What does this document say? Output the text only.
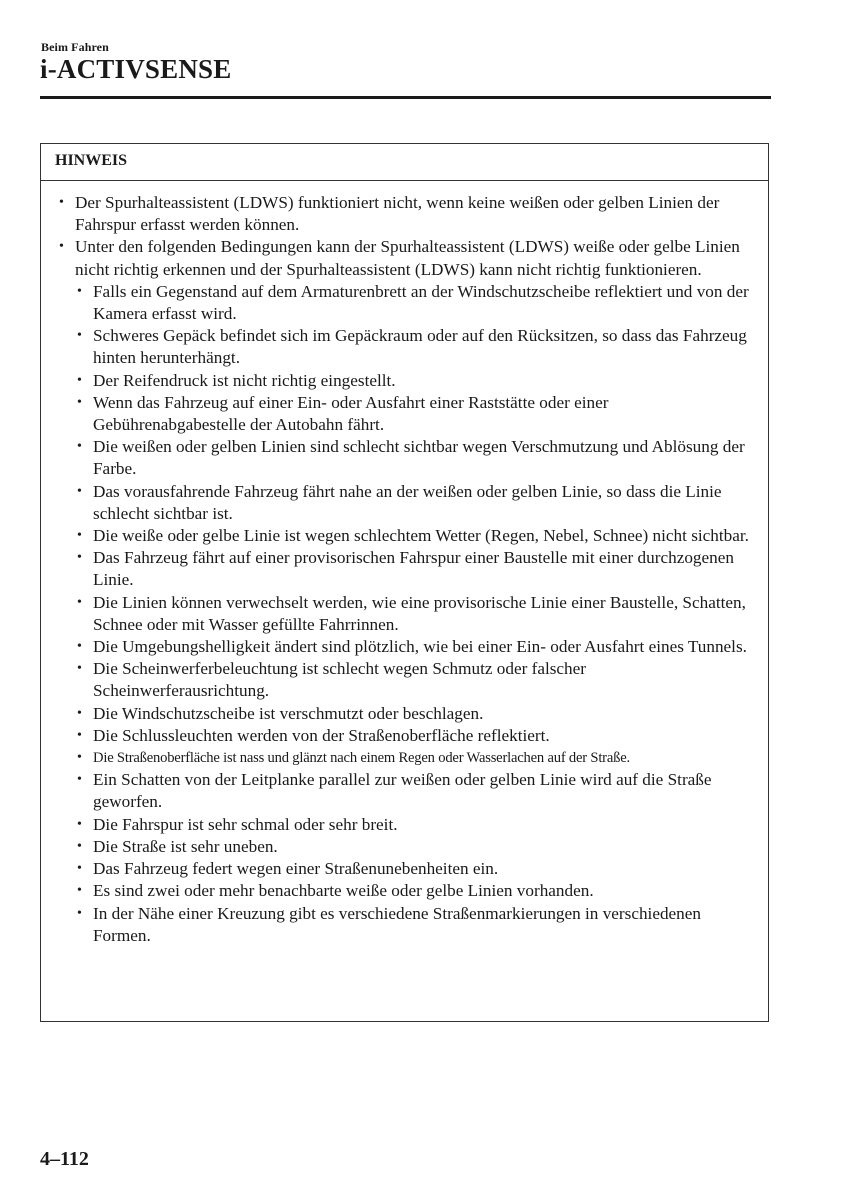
Beim Fahren
i-ACTIVSENSE
HINWEIS
• Der Spurhalteassistent (LDWS) funktioniert nicht, wenn keine weißen oder gelben Linien der Fahrspur erfasst werden können.
• Unter den folgenden Bedingungen kann der Spurhalteassistent (LDWS) weiße oder gelbe Linien nicht richtig erkennen und der Spurhalteassistent (LDWS) kann nicht richtig funktionieren.
• Falls ein Gegenstand auf dem Armaturenbrett an der Windschutzscheibe reflektiert und von der Kamera erfasst wird.
• Schweres Gepäck befindet sich im Gepäckraum oder auf den Rücksitzen, so dass das Fahrzeug hinten herunterhängt.
• Der Reifendruck ist nicht richtig eingestellt.
• Wenn das Fahrzeug auf einer Ein- oder Ausfahrt einer Raststätte oder einer Gebührenabgabestelle der Autobahn fährt.
• Die weißen oder gelben Linien sind schlecht sichtbar wegen Verschmutzung und Ablösung der Farbe.
• Das vorausfahrende Fahrzeug fährt nahe an der weißen oder gelben Linie, so dass die Linie schlecht sichtbar ist.
• Die weiße oder gelbe Linie ist wegen schlechtem Wetter (Regen, Nebel, Schnee) nicht sichtbar.
• Das Fahrzeug fährt auf einer provisorischen Fahrspur einer Baustelle mit einer durchzogenen Linie.
• Die Linien können verwechselt werden, wie eine provisorische Linie einer Baustelle, Schatten, Schnee oder mit Wasser gefüllte Fahrrinnen.
• Die Umgebungshelligkeit ändert sind plötzlich, wie bei einer Ein- oder Ausfahrt eines Tunnels.
• Die Scheinwerferbeleuchtung ist schlecht wegen Schmutz oder falscher Scheinwerferausrichtung.
• Die Windschutzscheibe ist verschmutzt oder beschlagen.
• Die Schlussleuchten werden von der Straßenoberfläche reflektiert.
• Die Straßenoberfläche ist nass und glänzt nach einem Regen oder Wasserlachen auf der Straße.
• Ein Schatten von der Leitplanke parallel zur weißen oder gelben Linie wird auf die Straße geworfen.
• Die Fahrspur ist sehr schmal oder sehr breit.
• Die Straße ist sehr uneben.
• Das Fahrzeug federt wegen einer Straßenunebenheiten ein.
• Es sind zwei oder mehr benachbarte weiße oder gelbe Linien vorhanden.
• In der Nähe einer Kreuzung gibt es verschiedene Straßenmarkierungen in verschiedenen Formen.
4–112
